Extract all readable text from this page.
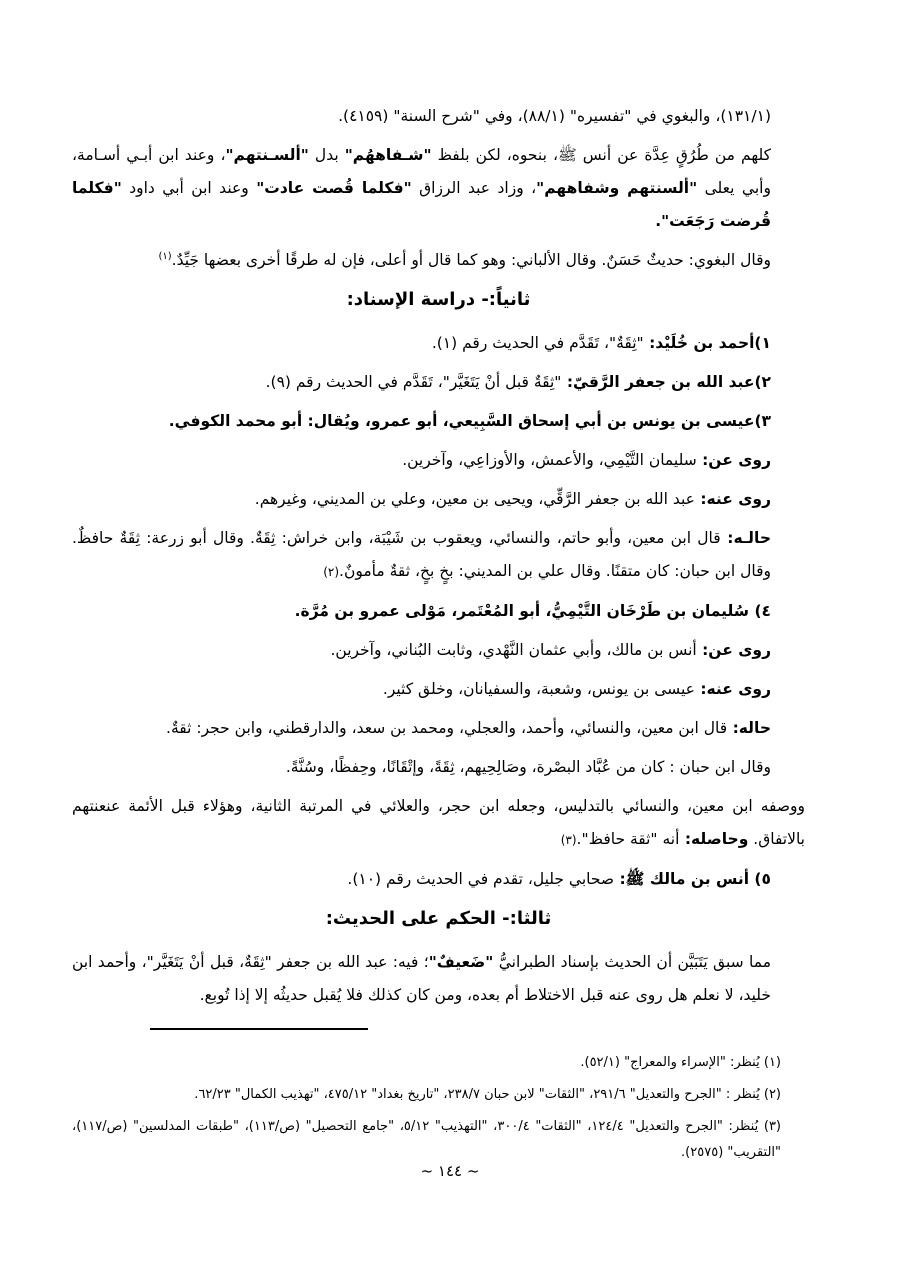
(١٣١/١)، والبغوي في "تفسيره" (٨٨/١)، وفي "شرح السنة" (٤١٥٩).

كلهم من طُرُقٍ عِدَّة عن أنس ﷺ، بنحوه، لكن بلفظ "شـفاههُم" بدل "ألسـنتهم"، وعند ابن أبـي أسـامة، وأبي يعلى "ألسنتهم وشفاههم"، وزاد عبد الرزاق "فكلما قُصت عادت" وعند ابن أبي داود "فكلما قُرضت رَجَعَت".

وقال البغوي: حديثٌ حَسَنٌ. وقال الألباني: وهو كما قال أو أعلى، فإن له طرقًا أخرى بعضها جَيِّدٌ.$^{(١)}$

ثانياً:- دراسة الإسناد:

١)أحمد بن خُلَيْد: "ثِقَةٌ"، تَقَدَّم في الحديث رقم (١).

٢)عبد الله بن جعفر الرَّقيّ: "ثِقَةٌ قبل أنْ يَتَغَيَّر"، تَقَدَّم في الحديث رقم (٩).

٣)عيسى بن يونس بن أبي إسحاق السَّبِيعي، أبو عمرو، ويُقال: أبو محمد الكوفي.

روى عن: سليمان التَّيْمِي، والأعمش، والأوزاعِي، وآخرين.

روى عنه: عبد الله بن جعفر الرَّقِّي، ويحيى بن معين، وعلي بن المديني، وغيرهم.

حالـه: قال ابن معين، وأبو حاتم، والنسائي، ويعقوب بن شَيْبَة، وابن خراش: ثِقَةٌ. وقال أبو زرعة: ثِقَةٌ حافظٌ. وقال ابن حبان: كان متقنًا. وقال علي بن المديني: بخٍ بخٍ، ثقةٌ مأمونٌ.(٢)

٤) سُليمان بن طَرْخَان التَّيْمِيُّ، أبو المُعْتَمر، مَوْلى عمرو بن مُرَّة.

روى عن: أنس بن مالك، وأبي عثمان النَّهْدي، وثابت البُناني، وآخرين.

روى عنه: عيسى بن يونس، وشعبة، والسفيانان، وخلق كثير.

حاله: قال ابن معين، والنسائي، وأحمد، والعجلي، ومحمد بن سعد، والدارقطني، وابن حجر: ثقةٌ.

وقال ابن حبان : كان من عُبَّاد البصْرة، وصَالِحِيهم، ثِقَةً، وإتْقَانًا، وحِفظًا، وسُنَّةً.

ووصفه ابن معين، والنسائي بالتدليس، وجعله ابن حجر، والعلائي في المرتبة الثانية، وهؤلاء قبل الأئمة عنعنتهم بالاتفاق. وحاصله: أنه "ثقة حافظ".(٣)

٥) أنس بن مالك ﷺ: صحابي جليل، تقدم في الحديث رقم (١٠).

ثالثا:- الحكم على الحديث:

مما سبق يَتَبَيَّن أن الحديث بإسناد الطبرانيُّ "ضَعيفٌ"؛ فيه: عبد الله بن جعفر "ثِقَةٌ، قبل أنْ يَتَغَيَّر"، وأحمد ابن خليد، لا نعلم هل روى عنه قبل الاختلاط أم بعده، ومن كان كذلك فلا يُقبل حديثُه إلا إذا تُوبع.

(١) يُنظر: "الإسراء والمعراج" (٥٢/١).

(٢) يُنظر : "الجرح والتعديل" ٢٩١/٦، "الثقات" لابن حبان ٢٣٨/٧، "تاريخ بغداد" ٤٧٥/١٢، "تهذيب الكمال" ٦٢/٢٣.

(٣) يُنظر: "الجرح والتعديل" ١٢٤/٤، "الثقات" ٣٠٠/٤، "التهذيب" ٥/١٢، "جامع التحصيل" (ص/١١٣)، "طبقات المدلسين" (ص/١١٧)، "التقريب" (٢٥٧٥).

~ ١٤٤ ~
